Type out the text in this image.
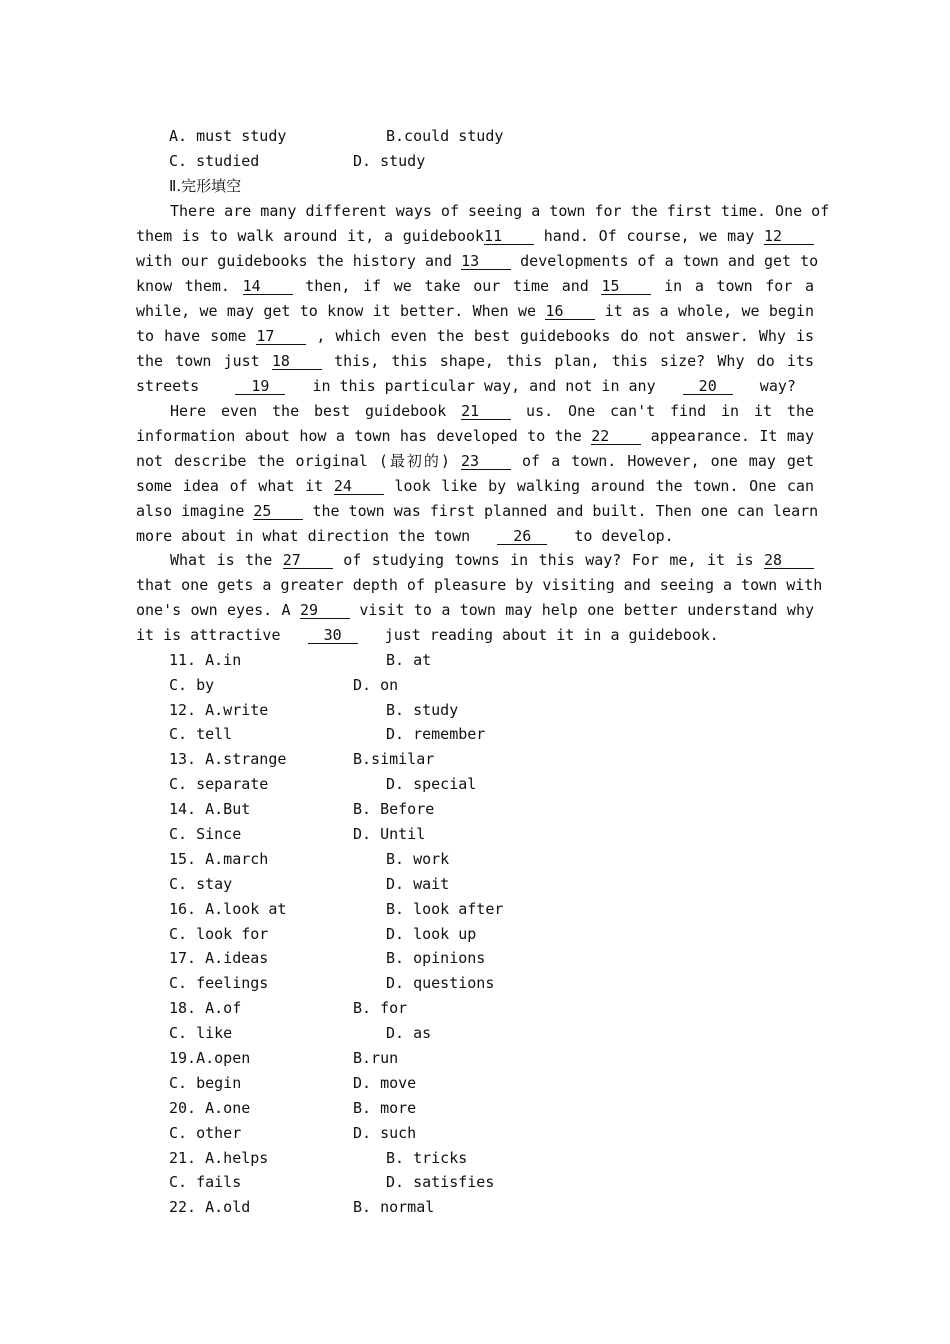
A. must study	B.could study
C. studied	D. study
Ⅱ.完形填空
There are many different ways of seeing a town for the first time. One of
them is to walk around it, a guidebook11	hand. Of course, we may 12
with our guidebooks the history and 13	developments of a town and get to
know them. 14	then, if we take our time and 15	in a town for a
while, we may get to know it better. When we 16	it as a whole, we begin
to have some 17	, which even the best guidebooks do not answer. Why is
the town just 18	this, this shape, this plan, this size? Why do its
streets	19	in this particular way, and not in any	20	way?
Here even the best guidebook 21	us. One can't find in it the
information about how a town has developed to the 22	appearance. It may
not describe the original (最初的) 23	of a town. However, one may get
some idea of what it 24	look like by walking around the town. One can
also imagine 25	the town was first planned and built. Then one can learn
more about in what direction the town	26	to develop.
What is the 27	of studying towns in this way? For me, it is 28
that one gets a greater depth of pleasure by visiting and seeing a town with
one's own eyes. A 29	visit to a town may help one better understand why
it is attractive	30	just reading about it in a guidebook.
11. A.in	B. at
C. by	D. on
12. A.write	B. study
C. tell	D. remember
13. A.strange	B.similar
C. separate	D. special
14. A.But	B. Before
C. Since	D. Until
15. A.march	B. work
C. stay	D. wait
16. A.look at	B. look after
C. look for	D. look up
17. A.ideas	B. opinions
C. feelings	D. questions
18. A.of	B. for
C. like	D. as
19.A.open	B.run
C. begin	D. move
20. A.one	B. more
C. other	D. such
21. A.helps	B. tricks
C. fails	D. satisfies
22. A.old	B. normal
